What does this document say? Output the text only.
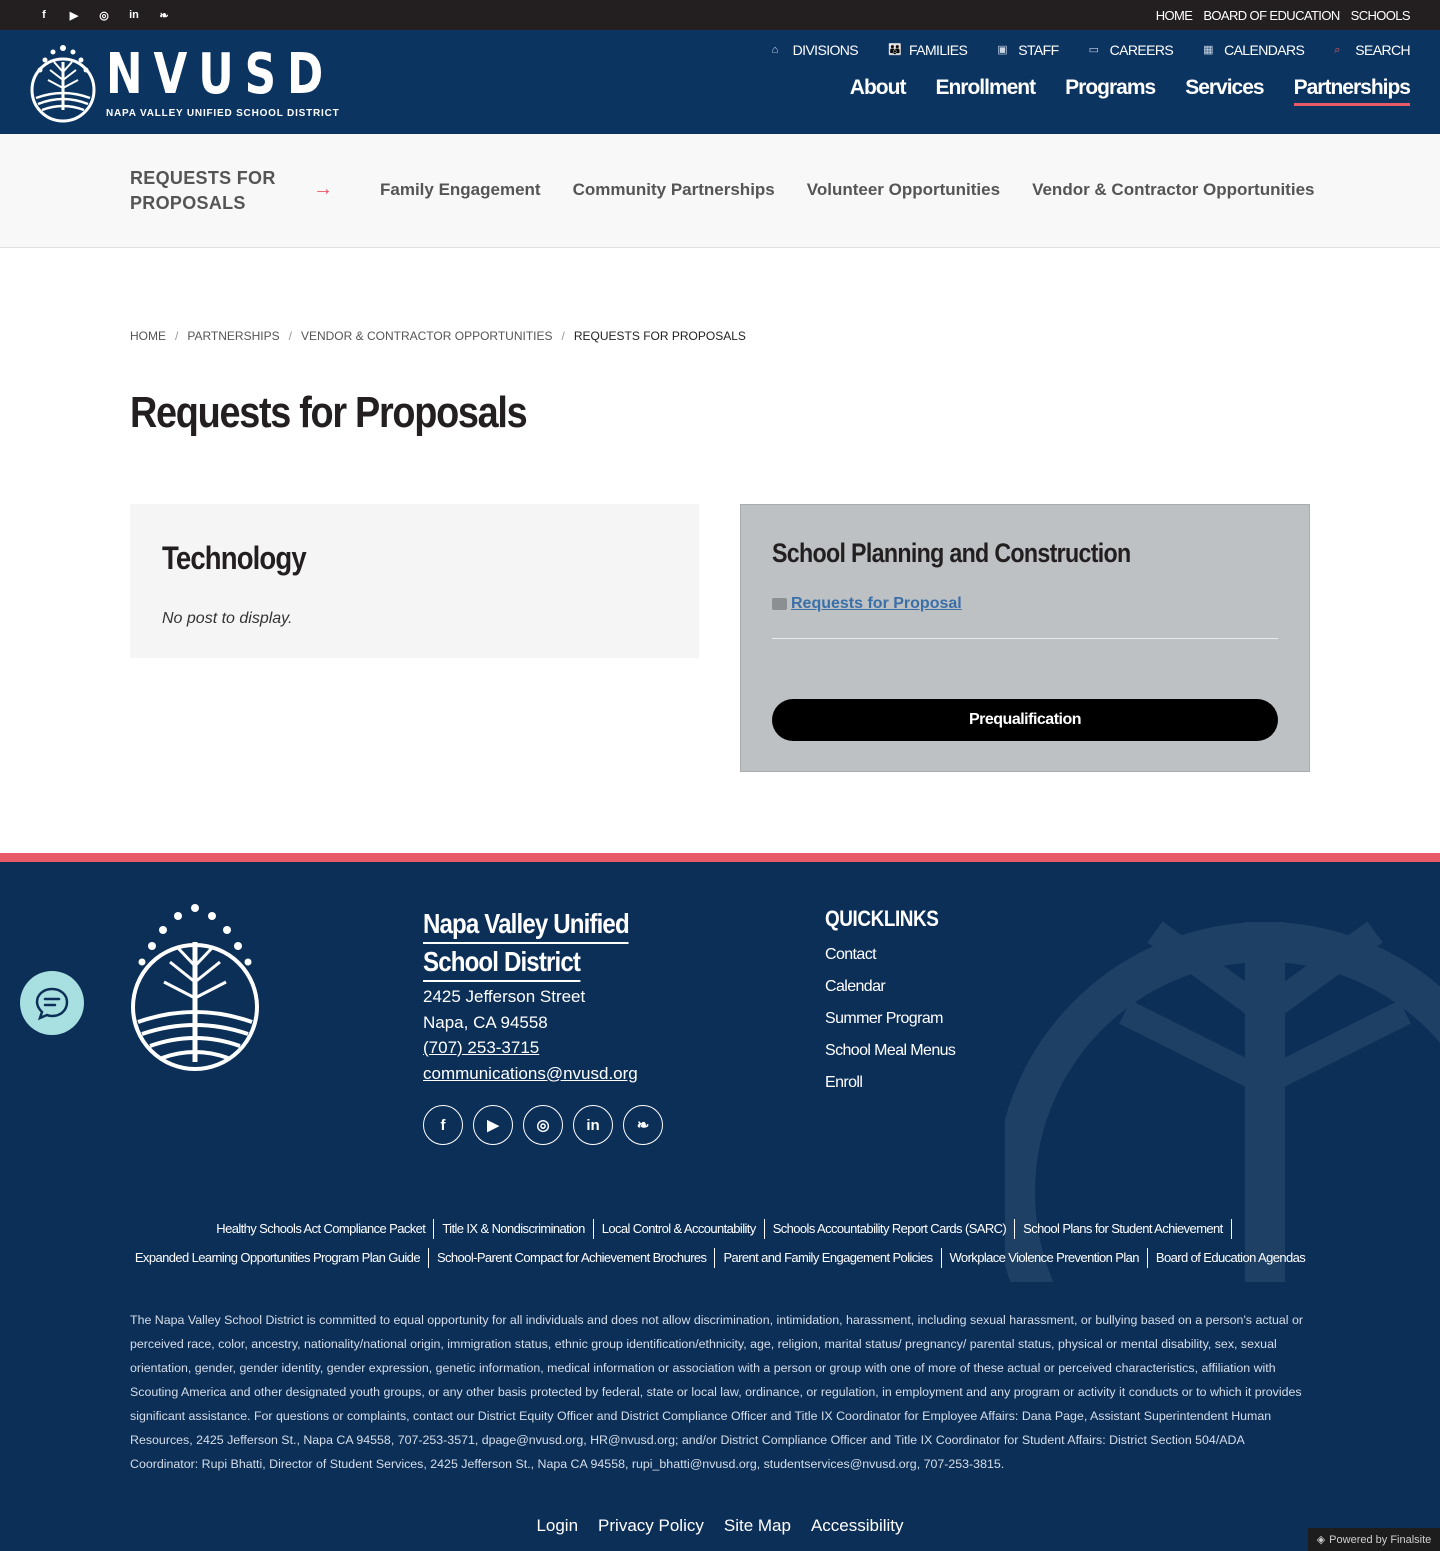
f	▶	◎ in	❧	HOME BOARD OF EDUCATION SCHOOLS
NVUSD
NAPA VALLEY UNIFIED SCHOOL DISTRICT
⌂	DIVISIONS	👪 FAMILIES	▣ STAFF	▭ CAREERS	▦ CALENDARS	⌕	SEARCH
About Enrollment Programs Services Partnerships
REQUESTS FOR PROPOSALS
→	Family Engagement Community Partnerships Volunteer Opportunities Vendor & Contractor Opportunities
HOME / PARTNERSHIPS / VENDOR & CONTRACTOR OPPORTUNITIES / REQUESTS FOR PROPOSALS
Requests for Proposals
Technology

No post to display.

School Planning and Construction
Requests for Proposal
Prequalification
Napa Valley Unified
School District
2425 Jefferson Street
Napa, CA 94558
(707) 253-3715
communications@nvusd.org
f	▶	◎	in	❧
QUICKLINKS
Contact
Calendar
Summer Program
School Meal Menus
Enroll
Healthy Schools Act Compliance Packet	Title IX & Nondiscrimination	Local Control & Accountability	Schools Accountability Report Cards (SARC)	School Plans for Student Achievement
Expanded Learning Opportunities Program Plan Guide	School-Parent Compact for Achievement Brochures	Parent and Family Engagement Policies	Workplace Violence Prevention Plan	Board of Education Agendas
The Napa Valley School District is committed to equal opportunity for all individuals and does not allow discrimination, intimidation, harassment, including sexual harassment, or bullying based on a person's actual or perceived race, color, ancestry, nationality/national origin, immigration status, ethnic group identification/ethnicity, age, religion, marital status/ pregnancy/ parental status, physical or mental disability, sex, sexual orientation, gender, gender identity, gender expression, genetic information, medical information or association with a person or group with one of more of these actual or perceived characteristics, affiliation with Scouting America and other designated youth groups, or any other basis protected by federal, state or local law, ordinance, or regulation, in employment and any program or activity it conducts or to which it provides significant assistance. For questions or complaints, contact our District Equity Officer and District Compliance Officer and Title IX Coordinator for Employee Affairs: Dana Page, Assistant Superintendent Human Resources, 2425 Jefferson St., Napa CA 94558, 707-253-3571, dpage@nvusd.org, HR@nvusd.org; and/or District Compliance Officer and Title IX Coordinator for Student Affairs: District Section 504/ADA Coordinator: Rupi Bhatti, Director of Student Services, 2425 Jefferson St., Napa CA 94558, rupi_bhatti@nvusd.org, studentservices@nvusd.org, 707-253-3815.
Login Privacy Policy Site Map Accessibility
◈ Powered by Finalsite
